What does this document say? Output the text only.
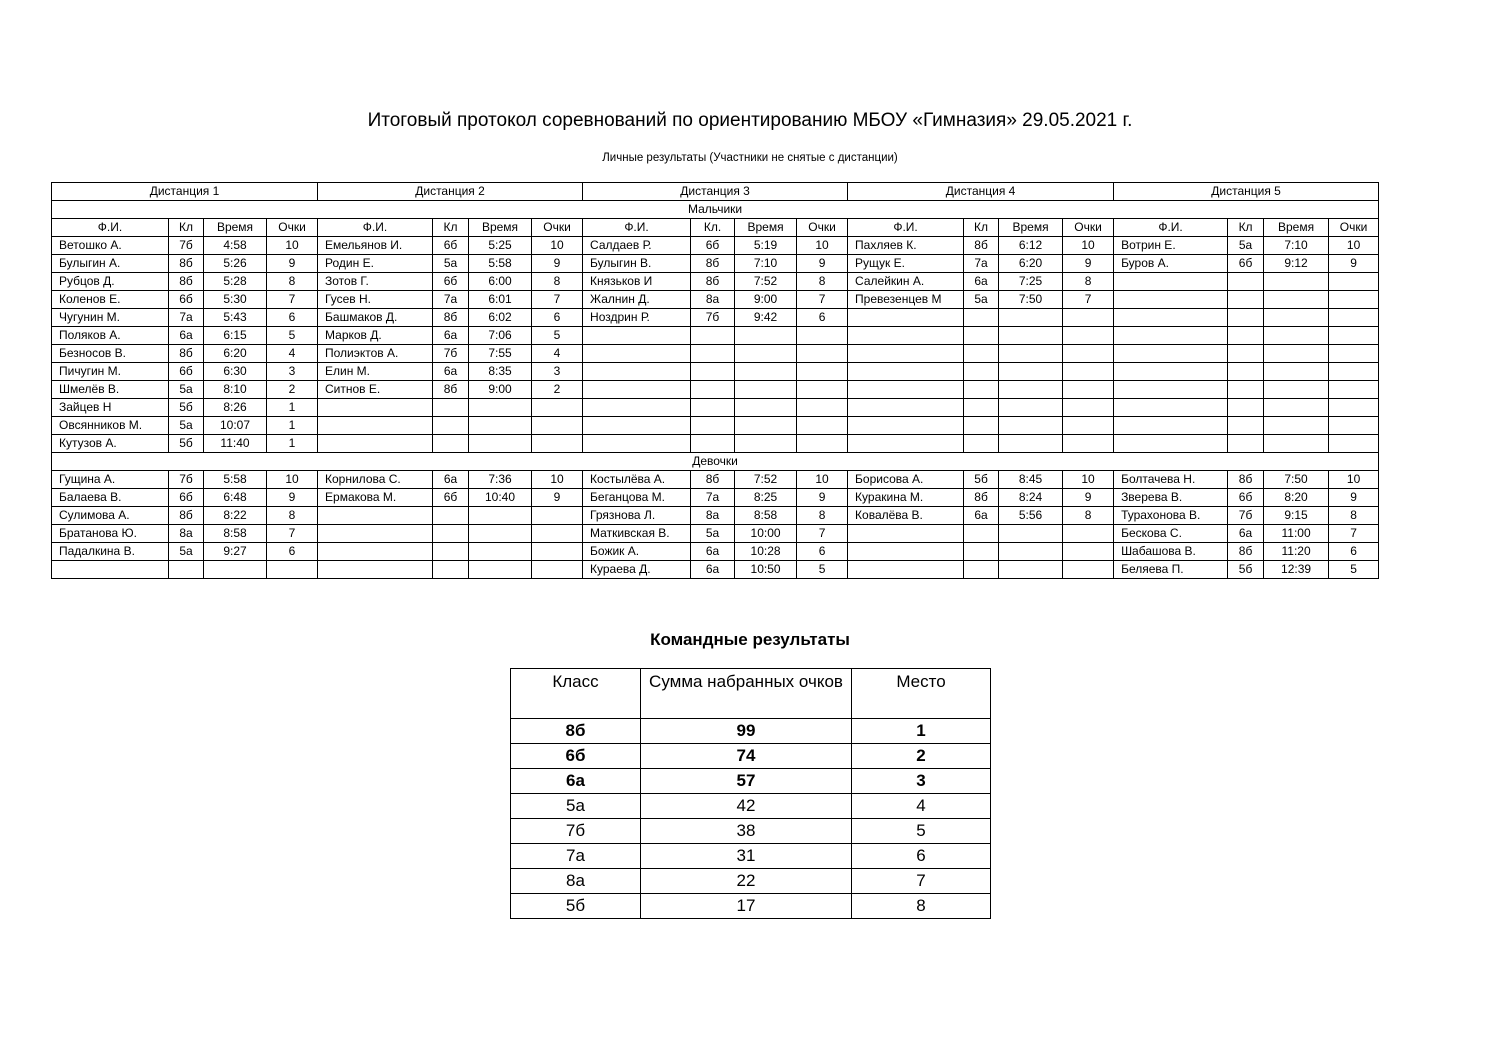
Итоговый протокол соревнований по ориентированию МБОУ «Гимназия» 29.05.2021 г.
Личные результаты (Участники не снятые с дистанции)
Дистанция 1				Дистанция 2				Дистанция 3				Дистанция 4				Дистанция 5			
Мальчики																			
Ф.И.	Кл	Время	Очки	Ф.И.	Кл	Время	Очки	Ф.И.	Кл.	Время	Очки	Ф.И.	Кл	Время	Очки	Ф.И.	Кл	Время	Очки
Ветошко А.	7б	4:58	10	Емельянов И.	6б	5:25	10	Салдаев Р.	6б	5:19	10	Пахляев К.	8б	6:12	10	Вотрин Е.	5а	7:10	10
Булыгин А.	8б	5:26	9	Родин Е.	5а	5:58	9	Булыгин В.	8б	7:10	9	Рущук Е.	7а	6:20	9	Буров А.	6б	9:12	9
Рубцов Д.	8б	5:28	8	Зотов Г.	6б	6:00	8	Князьков И	8б	7:52	8	Салейкин А.	6а	7:25	8				
Коленов Е.	6б	5:30	7	Гусев Н.	7а	6:01	7	Жалнин Д.	8а	9:00	7	Превезенцев М	5а	7:50	7				
Чугунин М.	7а	5:43	6	Башмаков Д.	8б	6:02	6	Ноздрин Р.	7б	9:42	6								
Поляков А.	6а	6:15	5	Марков Д.	6а	7:06	5												
Безносов В.	8б	6:20	4	Полиэктов А.	7б	7:55	4												
Пичугин М.	6б	6:30	3	Елин М.	6а	8:35	3												
Шмелёв В.	5а	8:10	2	Ситнов Е.	8б	9:00	2												
Зайцев Н	5б	8:26	1																
Овсянников М.	5а	10:07	1																
Кутузов А.	5б	11:40	1																
Девочки																			
Гущина А.	7б	5:58	10	Корнилова С.	6а	7:36	10	Костылёва А.	8б	7:52	10	Борисова А.	5б	8:45	10	Болтачева Н.	8б	7:50	10
Балаева В.	6б	6:48	9	Ермакова М.	6б	10:40	9	Беганцова М.	7а	8:25	9	Куракина М.	8б	8:24	9	Зверева В.	6б	8:20	9
Сулимова А.	8б	8:22	8					Грязнова Л.	8а	8:58	8	Ковалёва В.	6а	5:56	8	Турахонова В.	7б	9:15	8
Братанова Ю.	8а	8:58	7					Маткивская В.	5а	10:00	7					Бескова С.	6а	11:00	7
Падалкина В.	5а	9:27	6					Божик А.	6а	10:28	6					Шабашова В.	8б	11:20	6
								Кураева Д.	6а	10:50	5					Беляева П.	5б	12:39	5
Командные результаты
Класс	Сумма набранных очков	Место
8б	99	1
6б	74	2
6а	57	3
5а	42	4
7б	38	5
7а	31	6
8а	22	7
5б	17	8
